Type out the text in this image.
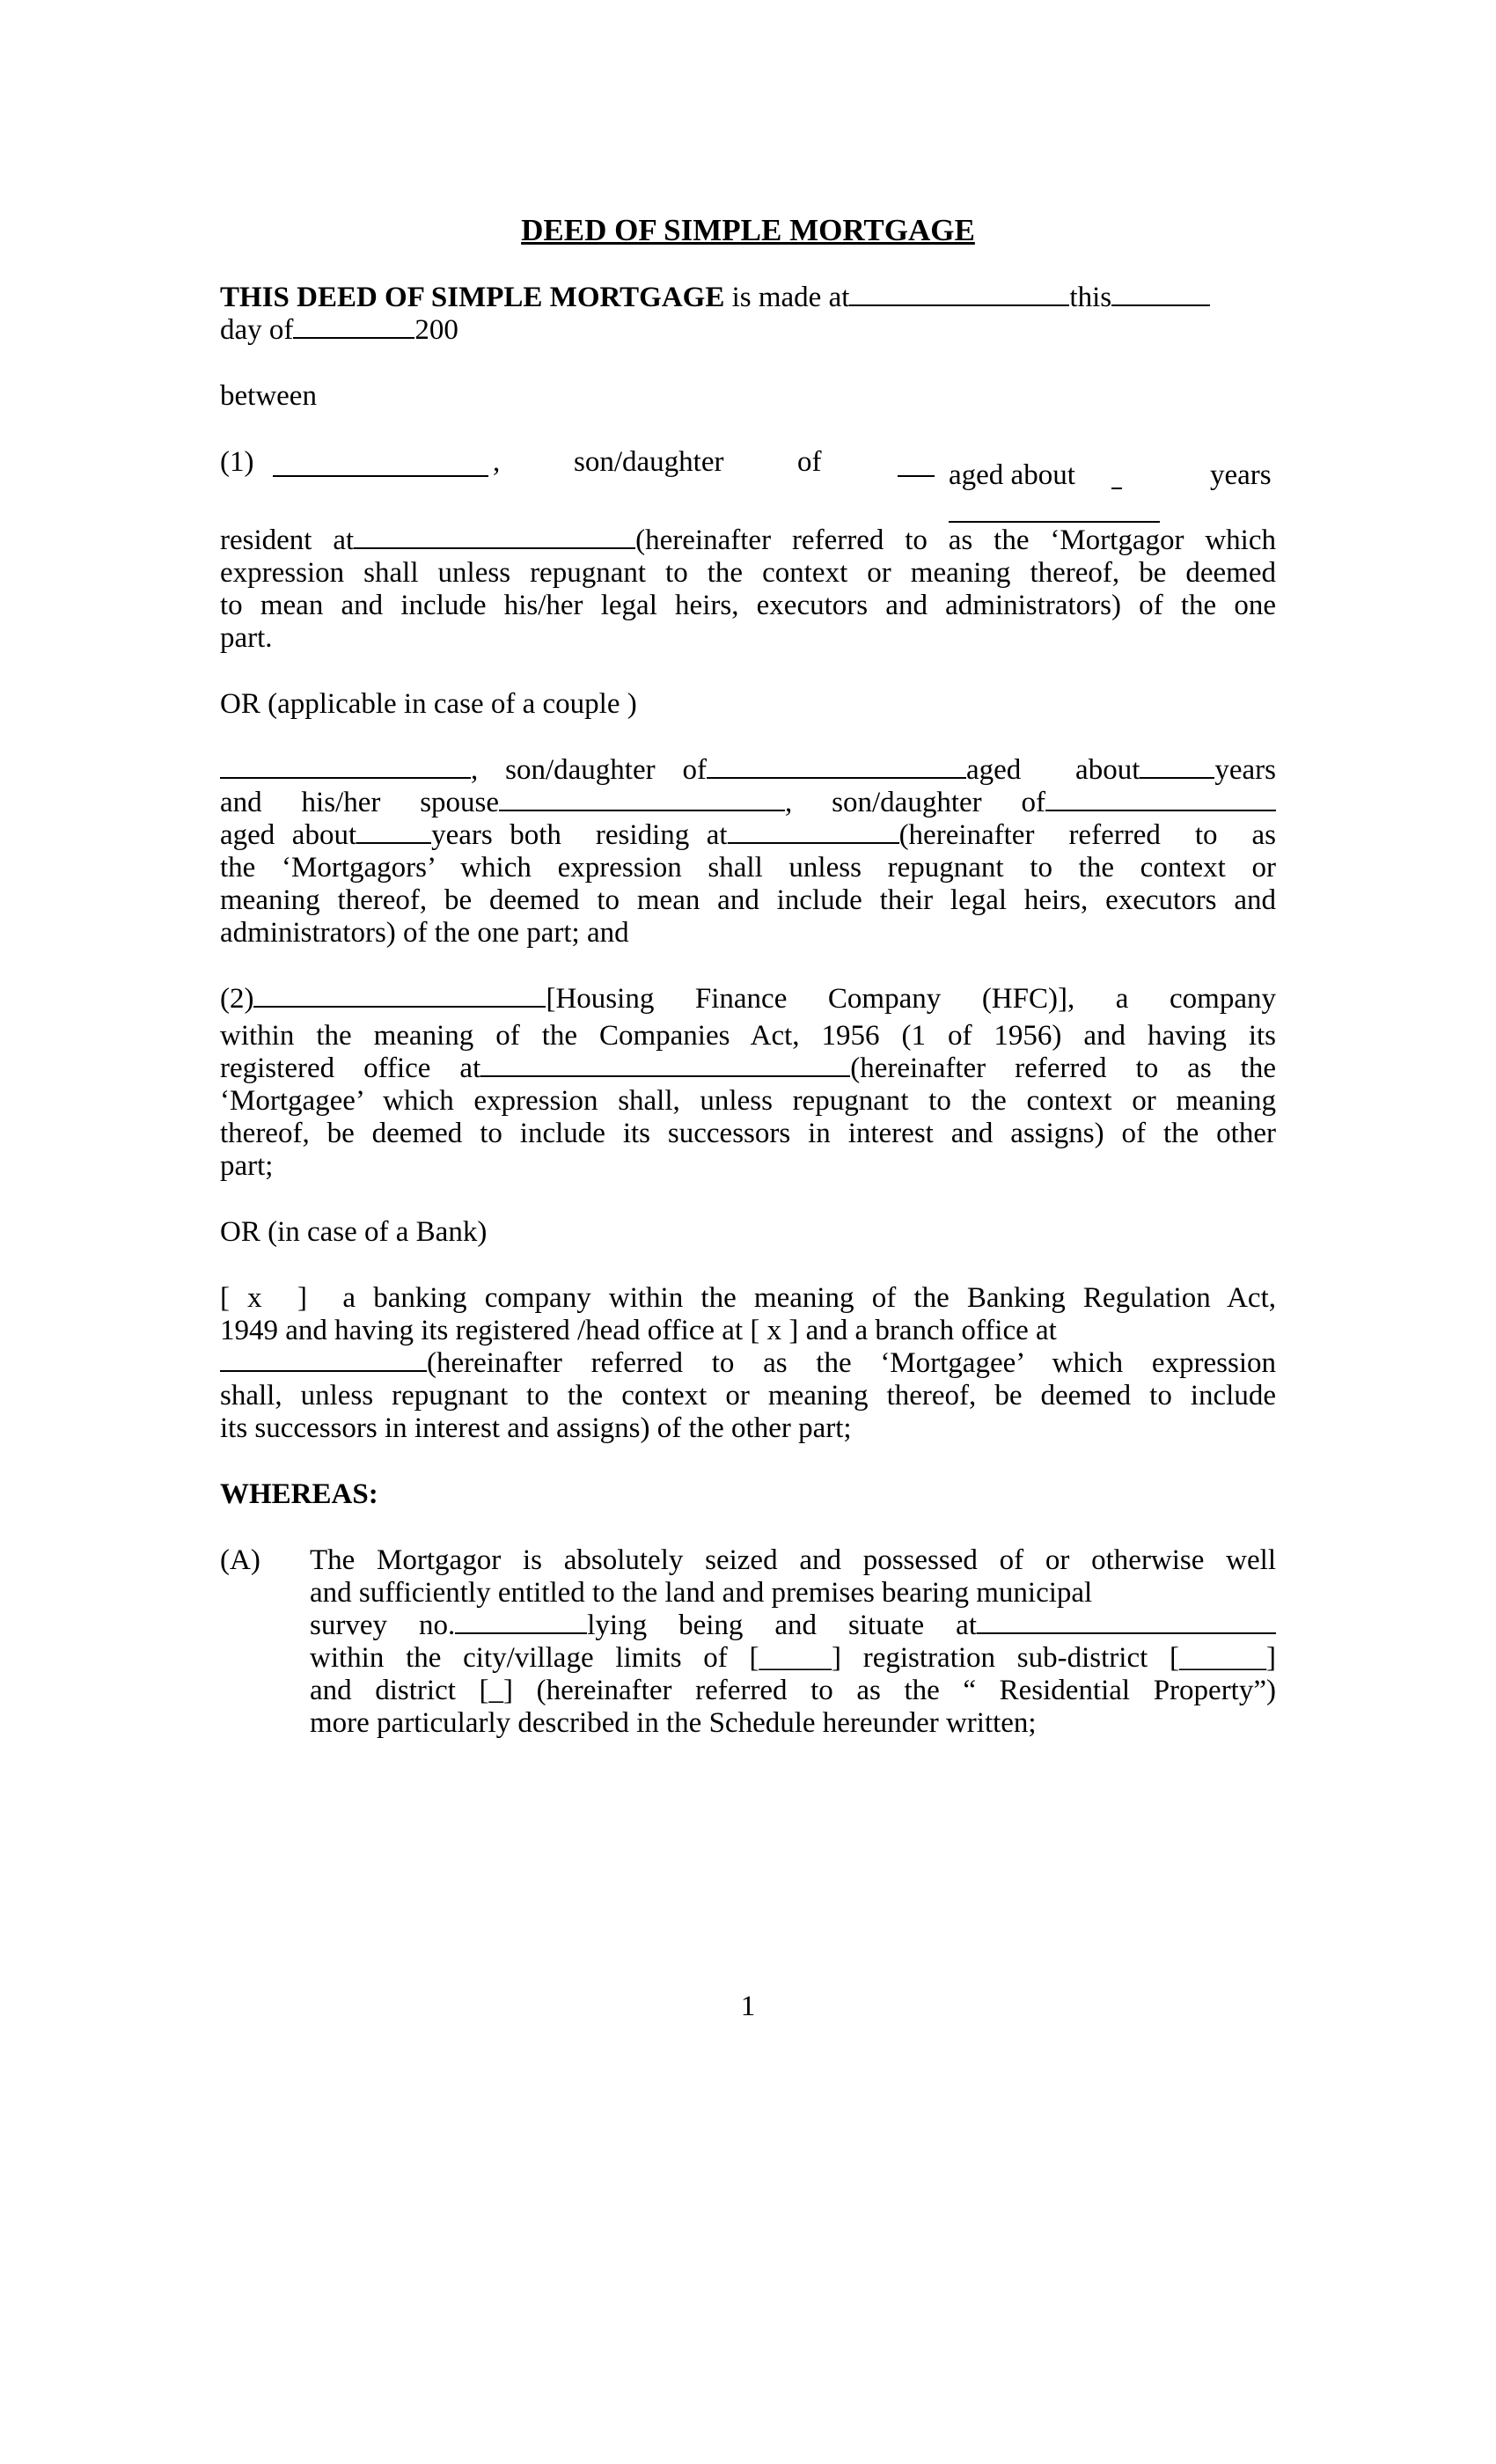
DEED OF SIMPLE MORTGAGE
THIS DEED OF SIMPLE MORTGAGE is made at	this
day of	200
between
(1)	,	son/daughter	of	aged about	years
resident at	(hereinafter referred to as the ‘Mortgagor which
expression shall unless repugnant to the context or meaning thereof, be deemed
to mean and include his/her legal heirs, executors and administrators) of the one
part.
OR (applicable in case of a couple )
, son/daughter of	aged  about	years
and  his/her  spouse	,  son/daughter  of
aged about	years both  residing at	(hereinafter  referred  to  as
the ‘Mortgagors’ which expression shall unless repugnant to the context or
meaning thereof, be deemed to mean and include their legal heirs, executors and
administrators) of the one part; and
(2)	[Housing  Finance  Company  (HFC)],  a  company
within the meaning of the Companies Act, 1956 (1 of 1956) and having its
registered  office  at	(hereinafter  referred  to  as  the
‘Mortgagee’ which expression shall, unless repugnant to the context or meaning
thereof, be deemed to include its successors in interest and assigns) of the other
part;
OR (in case of a Bank)
[ x  ]  a banking company within the meaning of the Banking Regulation Act,
1949 and having its registered /head office at [ x ] and a branch office at
(hereinafter  referred  to  as  the  ‘Mortgagee’  which  expression
shall, unless repugnant to the context or meaning thereof, be deemed to include
its successors in interest and assigns) of the other part;
WHEREAS:
(A) The Mortgagor is absolutely seized and possessed of or otherwise well
and sufficiently entitled to the land and premises bearing municipal
survey  no.	lying  being  and  situate  at
within  the  city/village  limits  of  [_____]  registration  sub-district  [______]
and  district  [_]  (hereinafter  referred  to  as  the  “  Residential  Property”)
more particularly described in the Schedule hereunder written;
1
